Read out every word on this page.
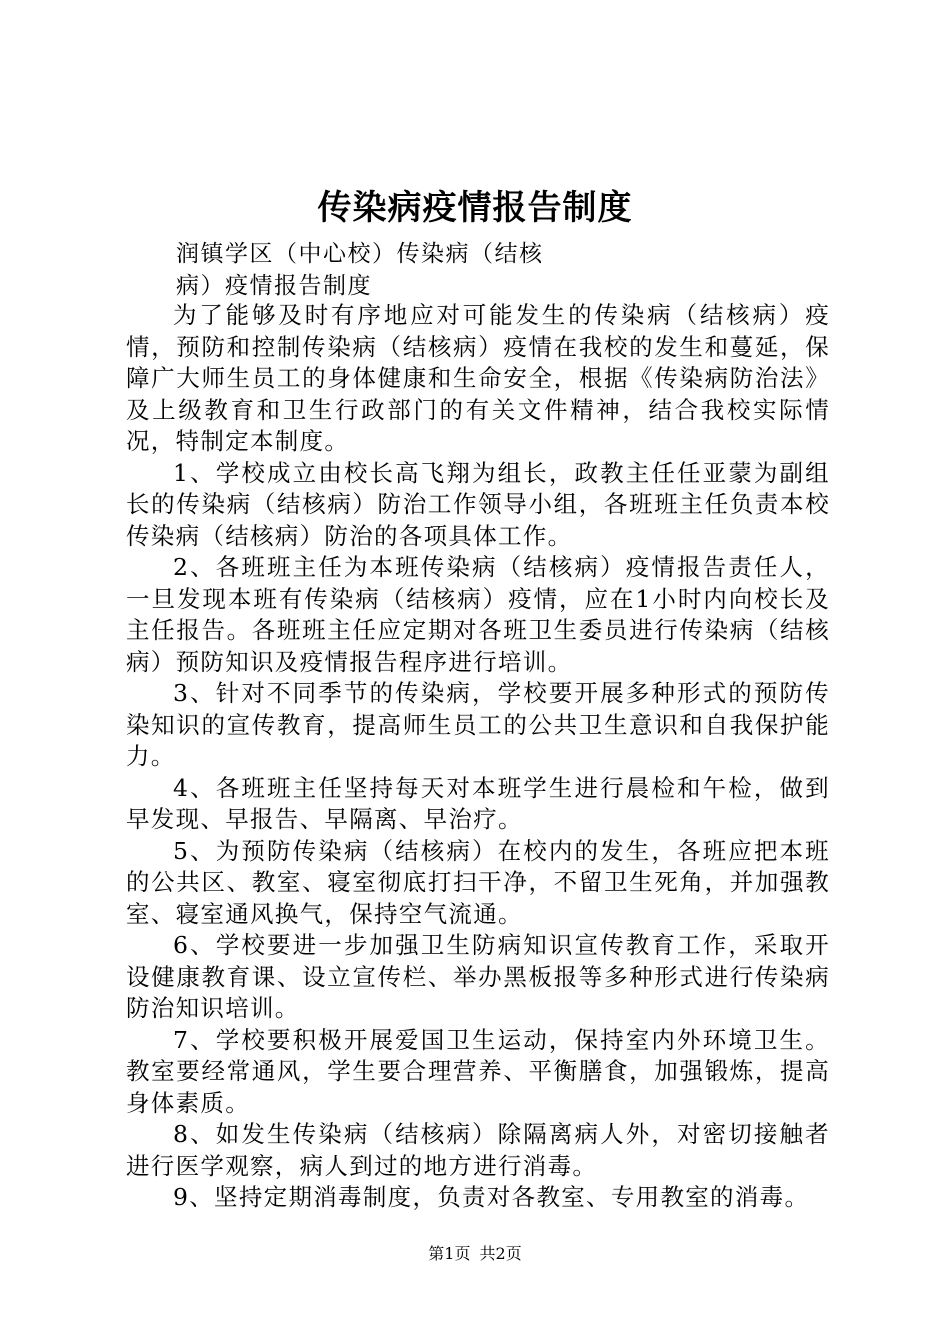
传染病疫情报告制度
润镇学区（中心校）传染病（结核
病）疫情报告制度

为了能够及时有序地应对可能发生的传染病（结核病）疫情，预防和控制传染病（结核病）疫情在我校的发生和蔓延，保障广大师生员工的身体健康和生命安全，根据《传染病防治法》及上级教育和卫生行政部门的有关文件精神，结合我校实际情况，特制定本制度。

1、学校成立由校长高飞翔为组长，政教主任任亚蒙为副组长的传染病（结核病）防治工作领导小组，各班班主任负责本校传染病（结核病）防治的各项具体工作。

2、各班班主任为本班传染病（结核病）疫情报告责任人，一旦发现本班有传染病（结核病）疫情，应在1小时内向校长及主任报告。各班班主任应定期对各班卫生委员进行传染病（结核病）预防知识及疫情报告程序进行培训。

3、针对不同季节的传染病，学校要开展多种形式的预防传染知识的宣传教育，提高师生员工的公共卫生意识和自我保护能力。

4、各班班主任坚持每天对本班学生进行晨检和午检，做到早发现、早报告、早隔离、早治疗。

5、为预防传染病（结核病）在校内的发生，各班应把本班的公共区、教室、寝室彻底打扫干净，不留卫生死角，并加强教室、寝室通风换气，保持空气流通。

6、学校要进一步加强卫生防病知识宣传教育工作，采取开设健康教育课、设立宣传栏、举办黑板报等多种形式进行传染病防治知识培训。

7、学校要积极开展爱国卫生运动，保持室内外环境卫生。教室要经常通风，学生要合理营养、平衡膳食，加强锻炼，提高身体素质。

8、如发生传染病（结核病）除隔离病人外，对密切接触者进行医学观察，病人到过的地方进行消毒。

9、坚持定期消毒制度，负责对各教室、专用教室的消毒。

第1页 共2页
